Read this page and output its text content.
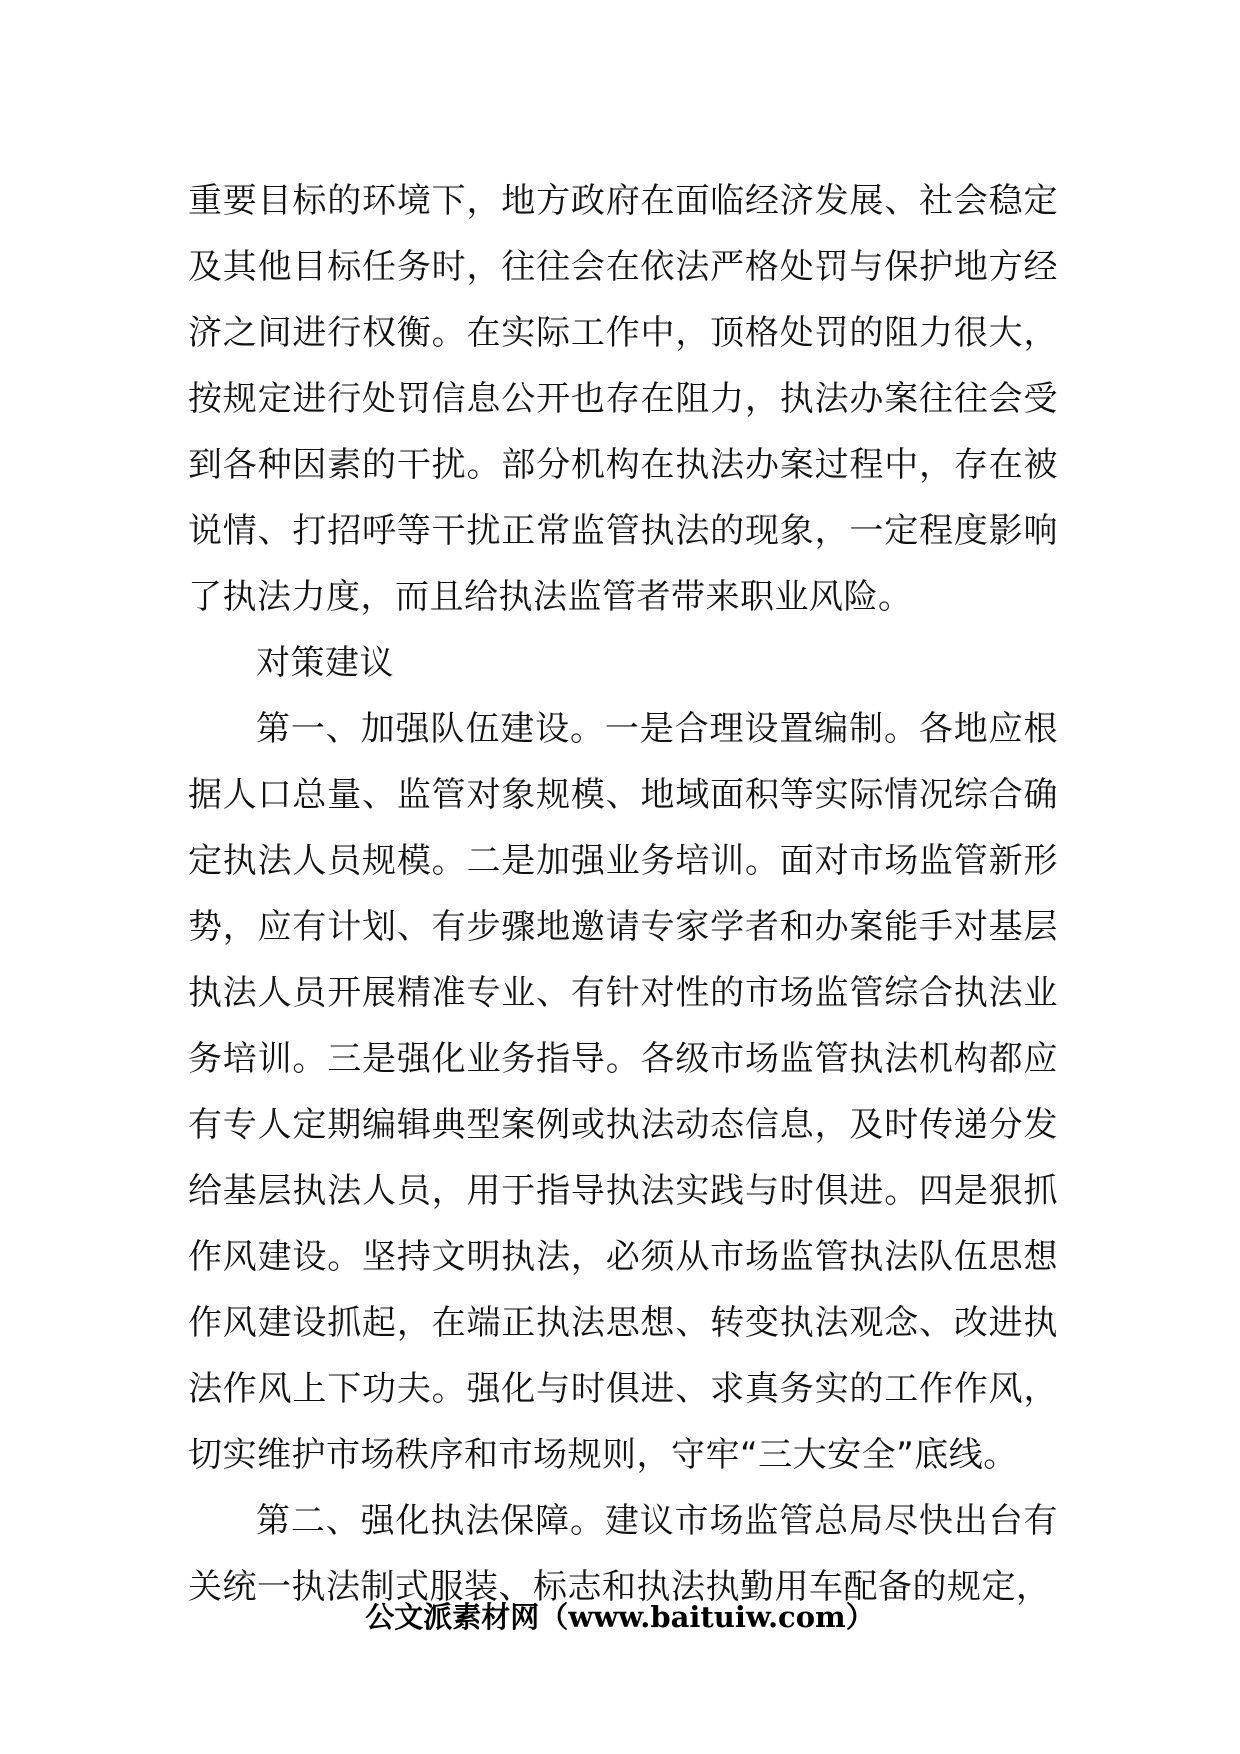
重要目标的环境下，地方政府在面临经济发展、社会稳定及其他目标任务时，往往会在依法严格处罚与保护地方经济之间进行权衡。在实际工作中，顶格处罚的阻力很大，按规定进行处罚信息公开也存在阻力，执法办案往往会受到各种因素的干扰。部分机构在执法办案过程中，存在被说情、打招呼等干扰正常监管执法的现象，一定程度影响了执法力度，而且给执法监管者带来职业风险。

对策建议

第一、加强队伍建设。一是合理设置编制。各地应根据人口总量、监管对象规模、地域面积等实际情况综合确定执法人员规模。二是加强业务培训。面对市场监管新形势，应有计划、有步骤地邀请专家学者和办案能手对基层执法人员开展精准专业、有针对性的市场监管综合执法业务培训。三是强化业务指导。各级市场监管执法机构都应有专人定期编辑典型案例或执法动态信息，及时传递分发给基层执法人员，用于指导执法实践与时俱进。四是狠抓作风建设。坚持文明执法，必须从市场监管执法队伍思想作风建设抓起，在端正执法思想、转变执法观念、改进执法作风上下功夫。强化与时俱进、求真务实的工作作风，切实维护市场秩序和市场规则，守牢“三大安全”底线。

第二、强化执法保障。建议市场监管总局尽快出台有关统一执法制式服装、标志和执法执勤用车配备的规定，

公文派素材网（www.baituiw.com）
